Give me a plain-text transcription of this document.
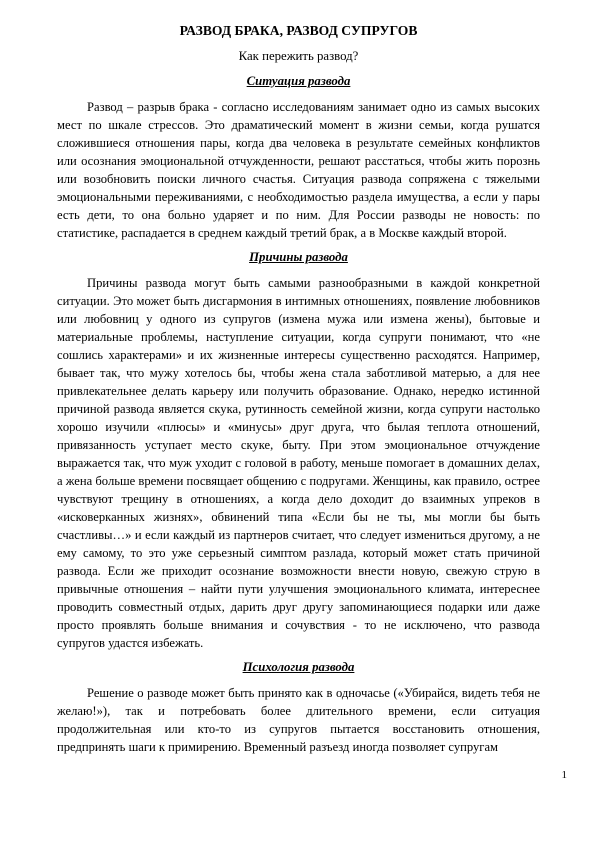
РАЗВОД БРАКА, РАЗВОД СУПРУГОВ
Как пережить развод?
Ситуация развода

Развод – разрыв брака - согласно исследованиям занимает одно из самых высоких мест по шкале стрессов. Это драматический момент в жизни семьи, когда рушатся сложившиеся отношения пары, когда два человека в результате семейных конфликтов или осознания эмоциональной отчужденности, решают расстаться, чтобы жить порознь или возобновить поиски личного счастья. Ситуация развода сопряжена с тяжелыми эмоциональными переживаниями, с необходимостью раздела имущества, а если у пары есть дети, то она больно ударяет и по ним. Для России разводы не новость: по статистике, распадается в среднем каждый третий брак, а в Москве каждый второй.

Причины развода

Причины развода могут быть самыми разнообразными в каждой конкретной ситуации. Это может быть дисгармония в интимных отношениях, появление любовников или любовниц у одного из супругов (измена мужа или измена жены), бытовые и материальные проблемы, наступление ситуации, когда супруги понимают, что «не сошлись характерами» и их жизненные интересы существенно расходятся. Например, бывает так, что мужу хотелось бы, чтобы жена стала заботливой матерью, а для нее привлекательнее делать карьеру или получить образование. Однако, нередко истинной причиной развода является скука, рутинность семейной жизни, когда супруги настолько хорошо изучили «плюсы» и «минусы» друг друга, что былая теплота отношений, привязанность уступает место скуке, быту. При этом эмоциональное отчуждение выражается так, что муж уходит с головой в работу, меньше помогает в домашних делах, а жена больше времени посвящает общению с подругами. Женщины, как правило, острее чувствуют трещину в отношениях, а когда дело доходит до взаимных упреков в «исковерканных жизнях», обвинений типа «Если бы не ты, мы могли бы быть счастливы…» и если каждый из партнеров считает, что следует измениться другому, а не ему самому, то это уже серьезный симптом разлада, который может стать причиной развода. Если же приходит осознание возможности внести новую, свежую струю в привычные отношения – найти пути улучшения эмоционального климата, интереснее проводить совместный отдых, дарить друг другу запоминающиеся подарки или даже просто проявлять больше внимания и сочувствия - то не исключено, что развода супругов удастся избежать.

Психология развода

Решение о разводе может быть принято как в одночасье («Убирайся, видеть тебя не желаю!»), так и потребовать более длительного времени, если ситуация продолжительная или кто-то из супругов пытается восстановить отношения, предпринять шаги к примирению. Временный разъезд иногда позволяет супругам

1
